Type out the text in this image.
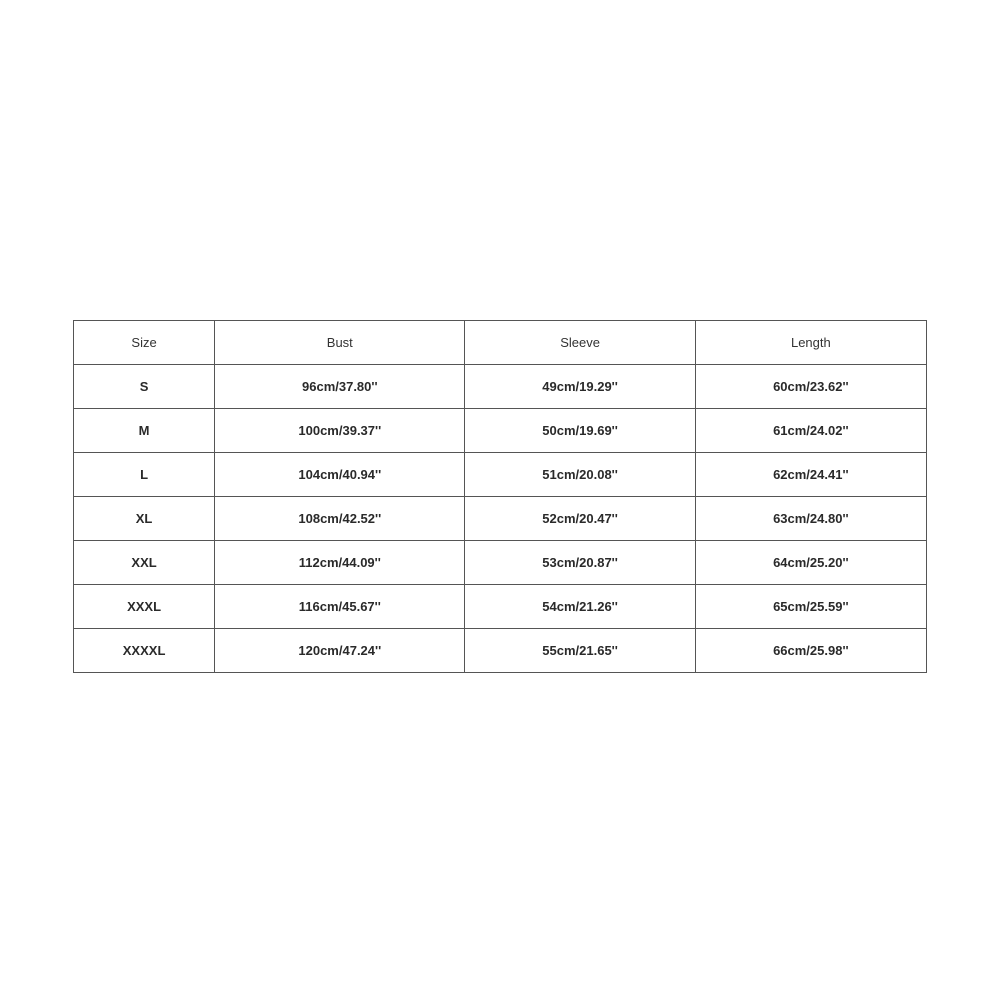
Size	Bust	Sleeve	Length
S	96cm/37.80''	49cm/19.29''	60cm/23.62''
M	100cm/39.37''	50cm/19.69''	61cm/24.02''
L	104cm/40.94''	51cm/20.08''	62cm/24.41''
XL	108cm/42.52''	52cm/20.47''	63cm/24.80''
XXL	112cm/44.09''	53cm/20.87''	64cm/25.20''
XXXL	116cm/45.67''	54cm/21.26''	65cm/25.59''
XXXXL	120cm/47.24''	55cm/21.65''	66cm/25.98''
